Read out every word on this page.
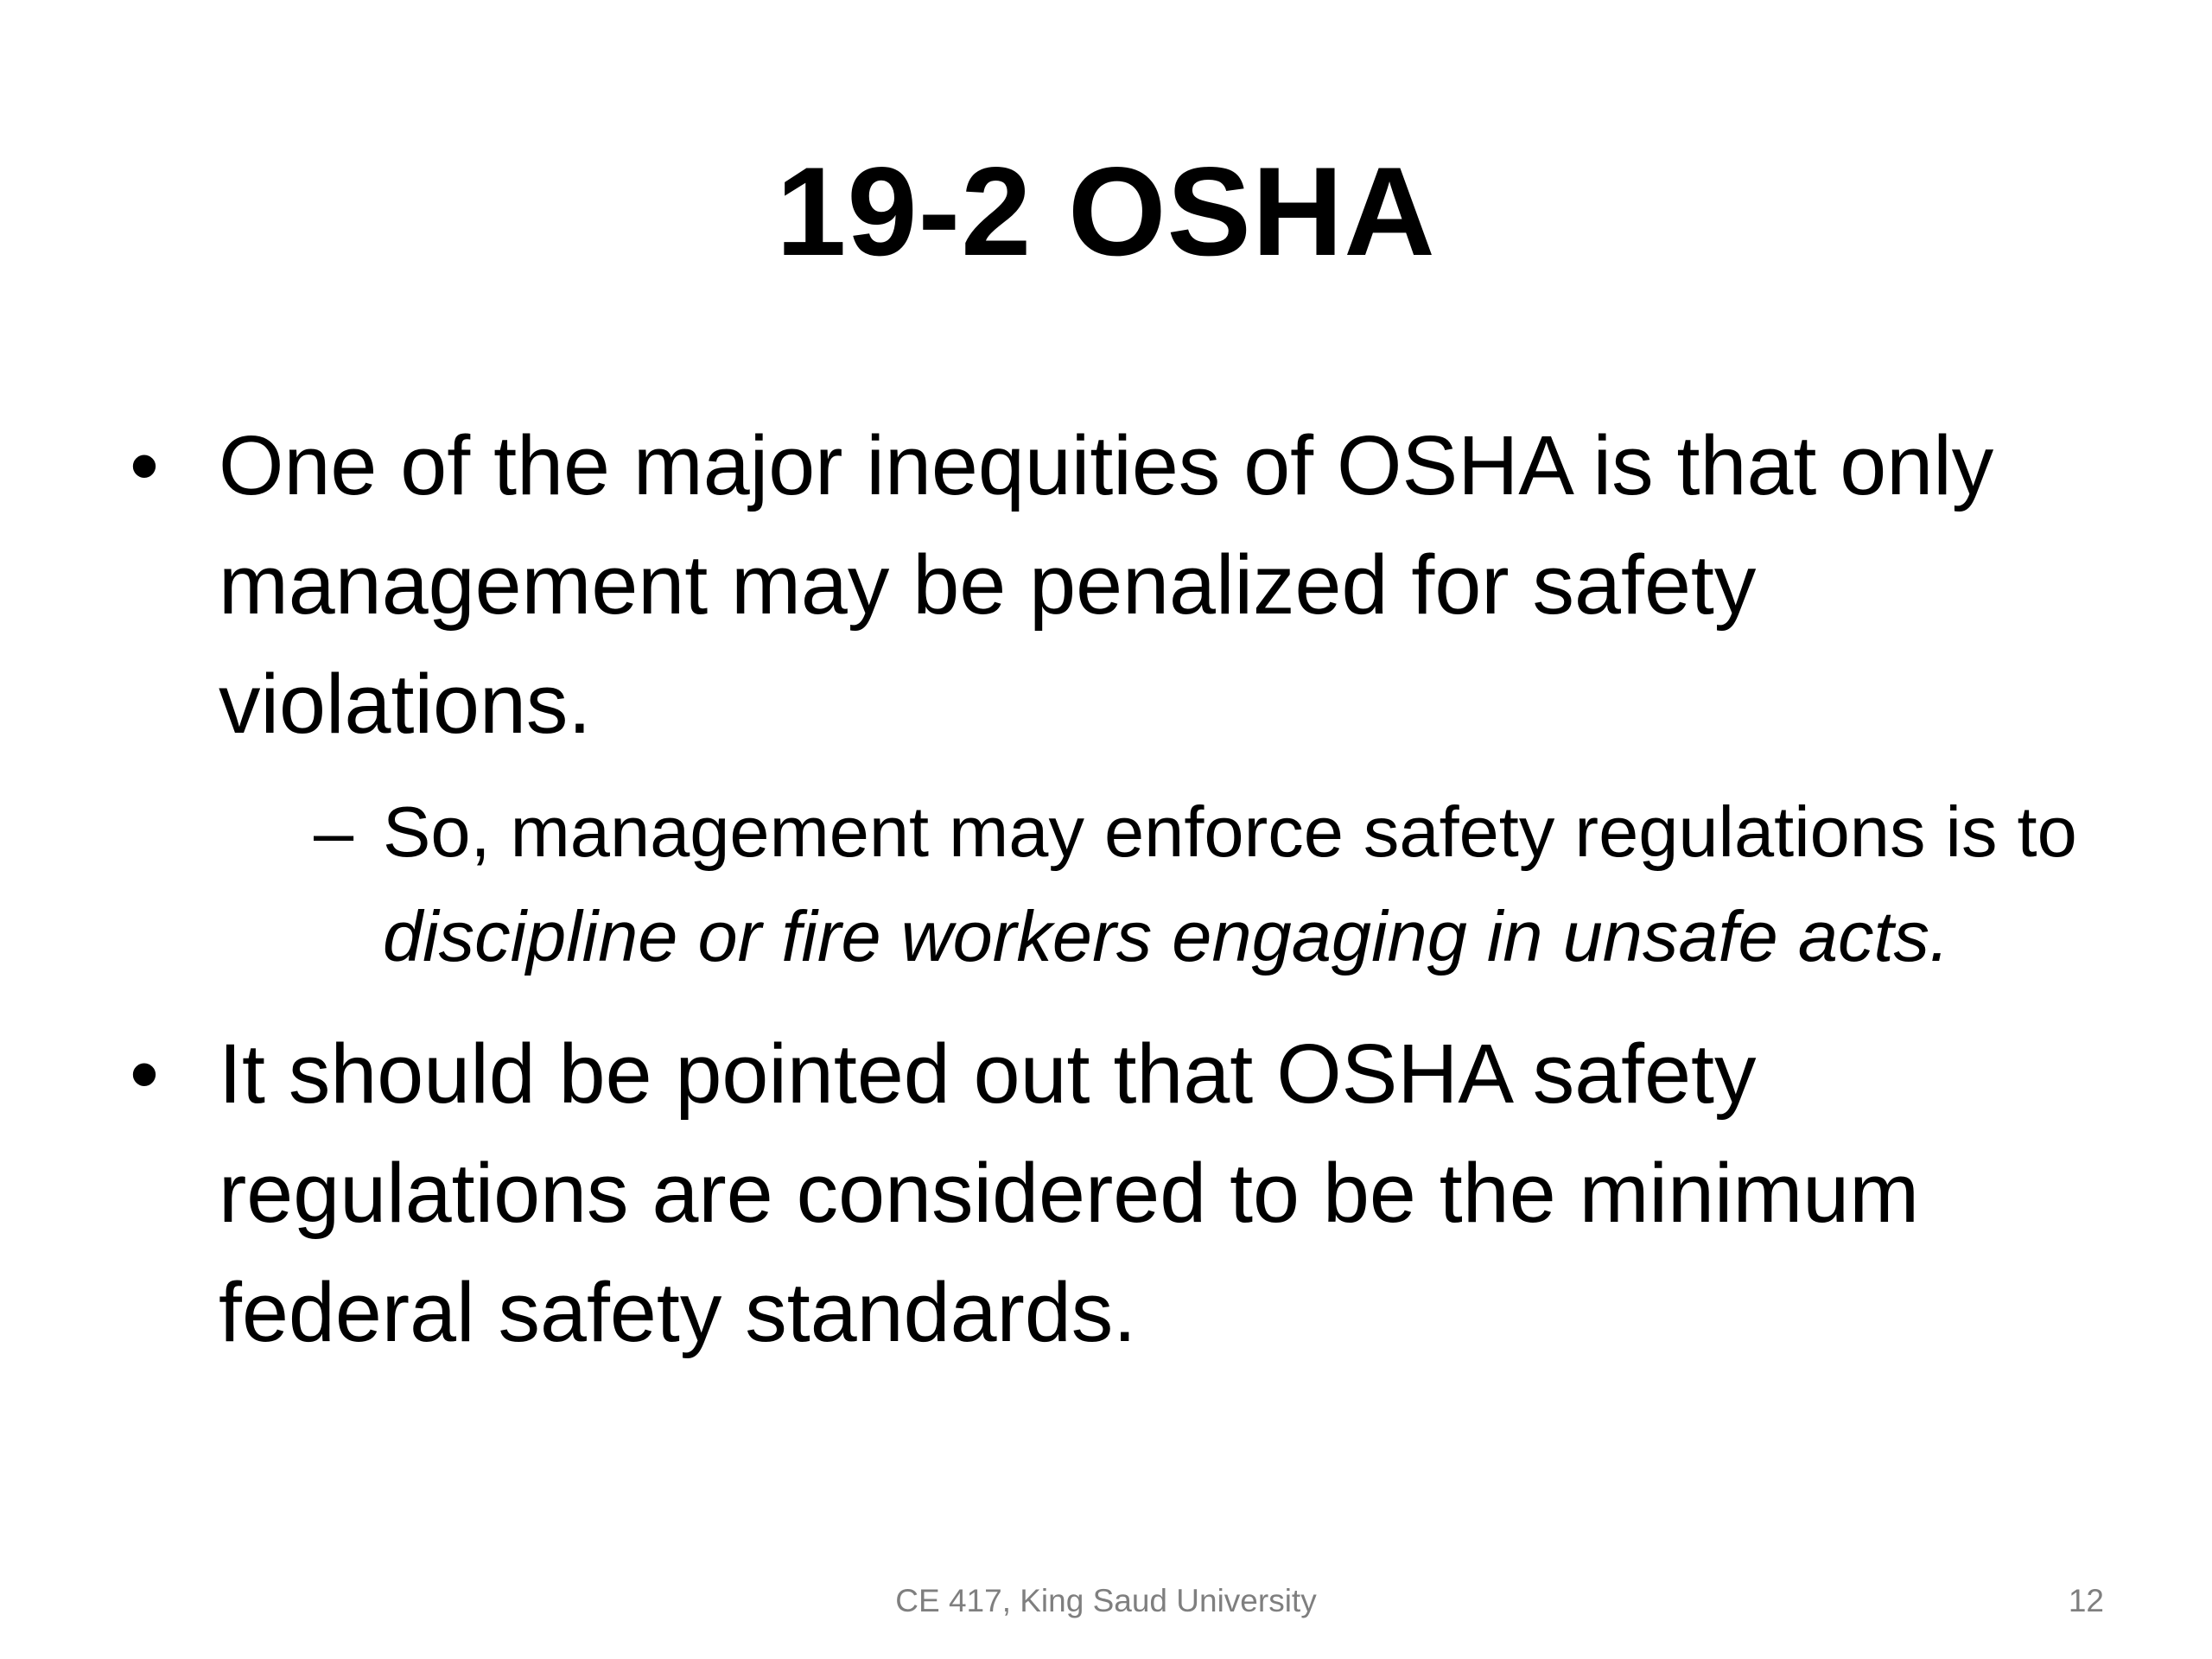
19-2 OSHA
• One of the major inequities of OSHA is that only management may be penalized for safety violations.
– So, management may enforce safety regulations is to discipline or fire workers engaging in unsafe acts.
• It should be pointed out that OSHA safety regulations are considered to be the minimum federal safety standards.
CE 417, King Saud University	12
